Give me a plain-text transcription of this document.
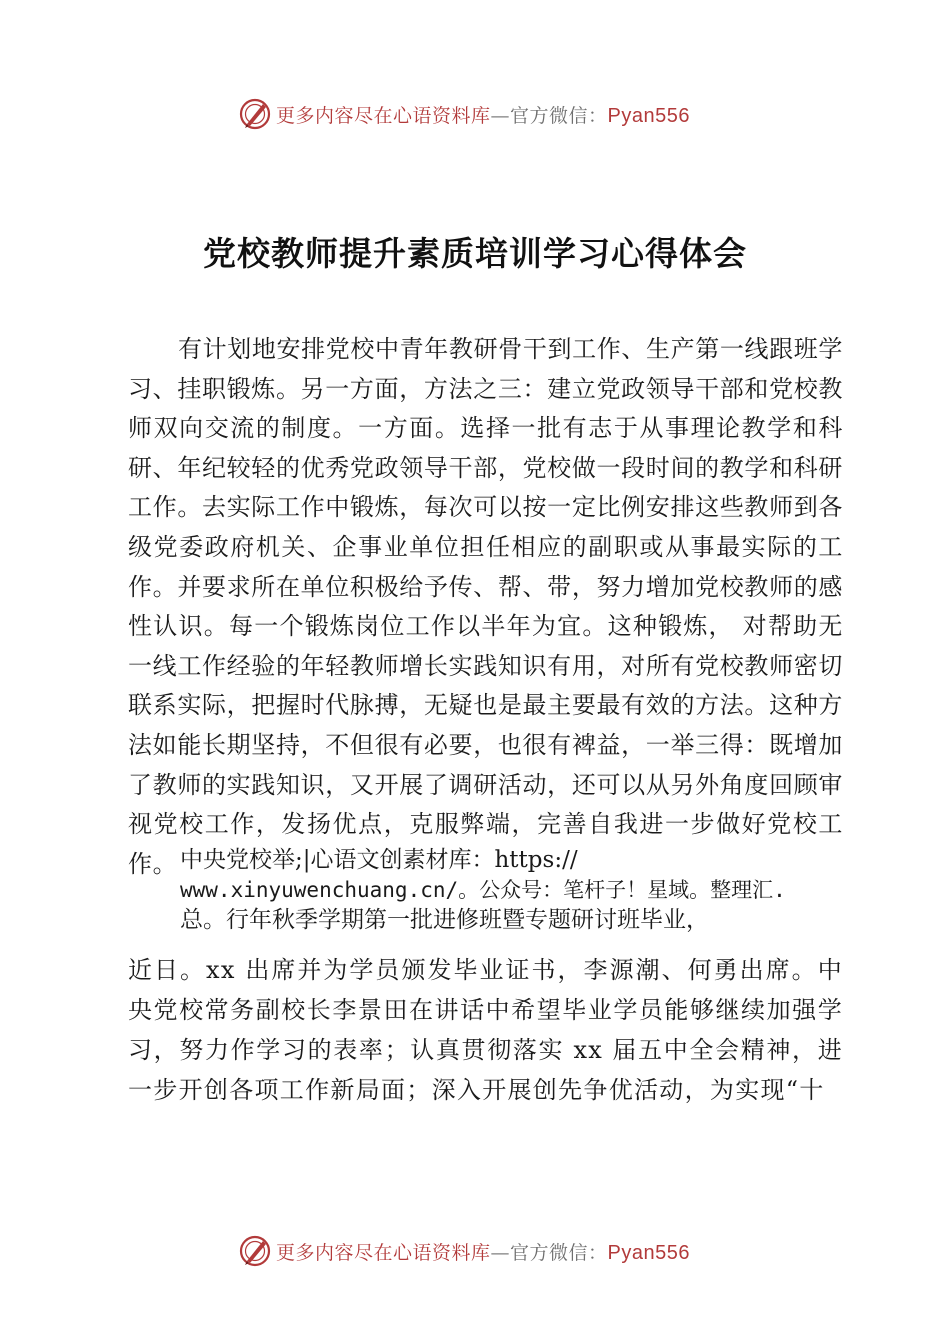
更多内容尽在心语资料库—官方微信：Pyan556
党校教师提升素质培训学习心得体会

有计划地安排党校中青年教研骨干到工作、生产第一线跟班学习、挂职锻炼。另一方面，方法之三：建立党政领导干部和党校教师双向交流的制度。一方面。选择一批有志于从事理论教学和科研、年纪较轻的优秀党政领导干部，党校做一段时间的教学和科研工作。去实际工作中锻炼，每次可以按一定比例安排这些教师到各级党委政府机关、企事业单位担任相应的副职或从事最实际的工作。并要求所在单位积极给予传、帮、带，努力增加党校教师的感性认识。每一个锻炼岗位工作以半年为宜。这种锻炼， 对帮助无一线工作经验的年轻教师增长实践知识有用，对所有党校教师密切联系实际，把握时代脉搏，无疑也是最主要最有效的方法。这种方法如能长期坚持，不但很有必要，也很有裨益，一举三得：既增加了教师的实践知识，又开展了调研活动，还可以从另外角度回顾审视党校工作，发扬优点，克服弊端，完善自我进一步做好党校工作。 中央党校举;|心语文创素材库：https://
www.xinyuwenchuang.cn/。公众号：笔杆子！星域。整理汇.
总。行年秋季学期第一批进修班暨专题研讨班毕业，

近日。xx 出席并为学员颁发毕业证书，李源潮、何勇出席。中央党校常务副校长李景田在讲话中希望毕业学员能够继续加强学习，努力作学习的表率；认真贯彻落实 xx 届五中全会精神，进一步开创各项工作新局面；深入开展创先争优活动，为实现“十

更多内容尽在心语资料库—官方微信：Pyan556
